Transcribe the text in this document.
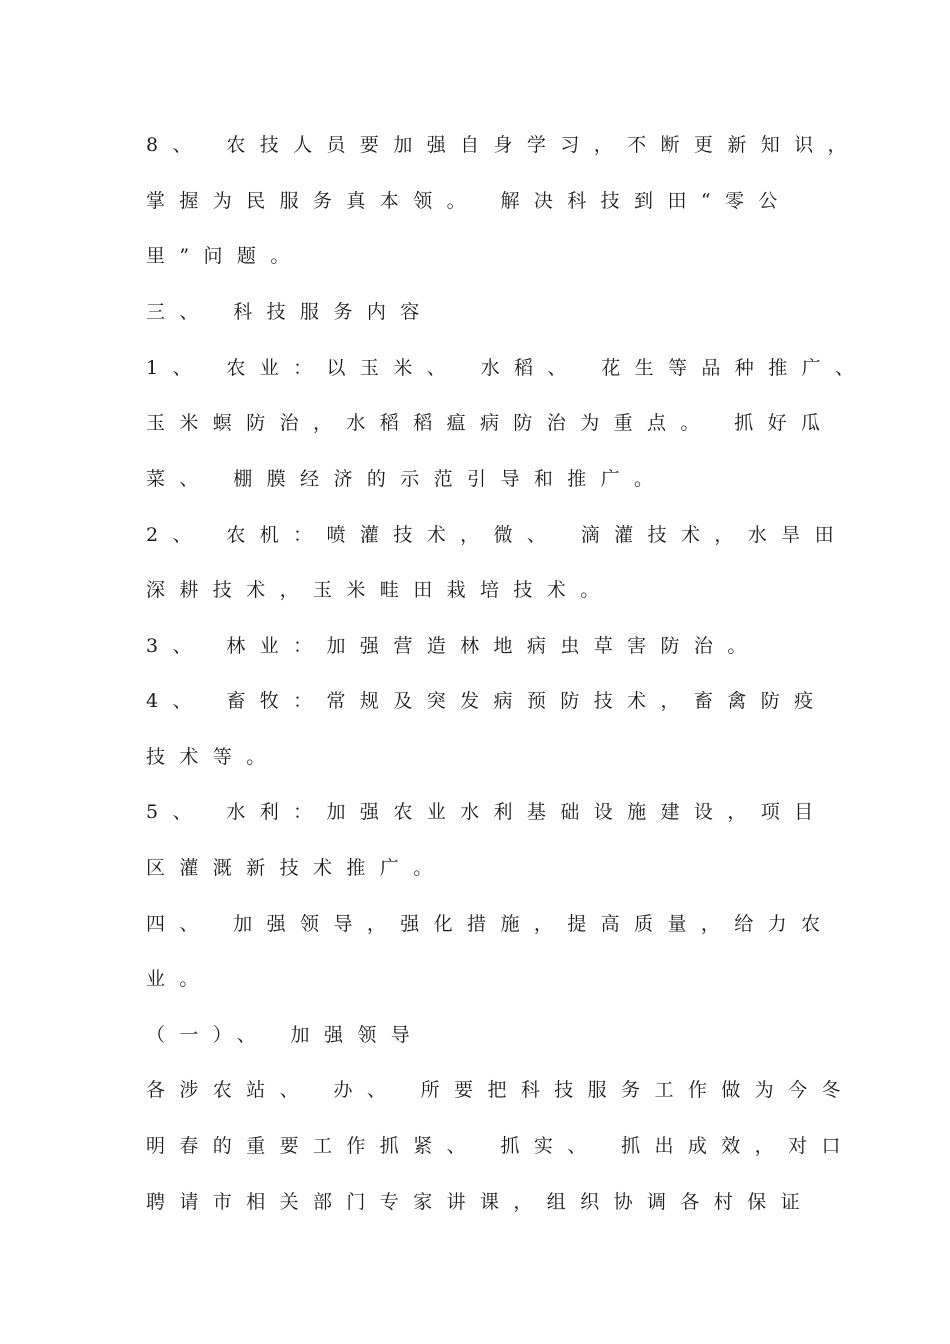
8、 农技人员要加强自身学习，不断更新知识，
掌握为民服务真本领。 解决科技到田“零公
里”问题。
三、 科技服务内容
1、 农业：以玉米、 水稻、 花生等品种推广、
玉米螟防治，水稻稻瘟病防治为重点。 抓好瓜
菜、 棚膜经济的示范引导和推广。
2、 农机：喷灌技术，微、 滴灌技术，水旱田
深耕技术，玉米畦田栽培技术。
3、 林业：加强营造林地病虫草害防治。
4、 畜牧：常规及突发病预防技术，畜禽防疫
技术等。
5、 水利：加强农业水利基础设施建设，项目
区灌溉新技术推广。
四、 加强领导，强化措施，提高质量，给力农
业。
（一）、 加强领导
各涉农站、 办、 所要把科技服务工作做为今冬
明春的重要工作抓紧、 抓实、 抓出成效，对口
聘请市相关部门专家讲课，组织协调各村保证
